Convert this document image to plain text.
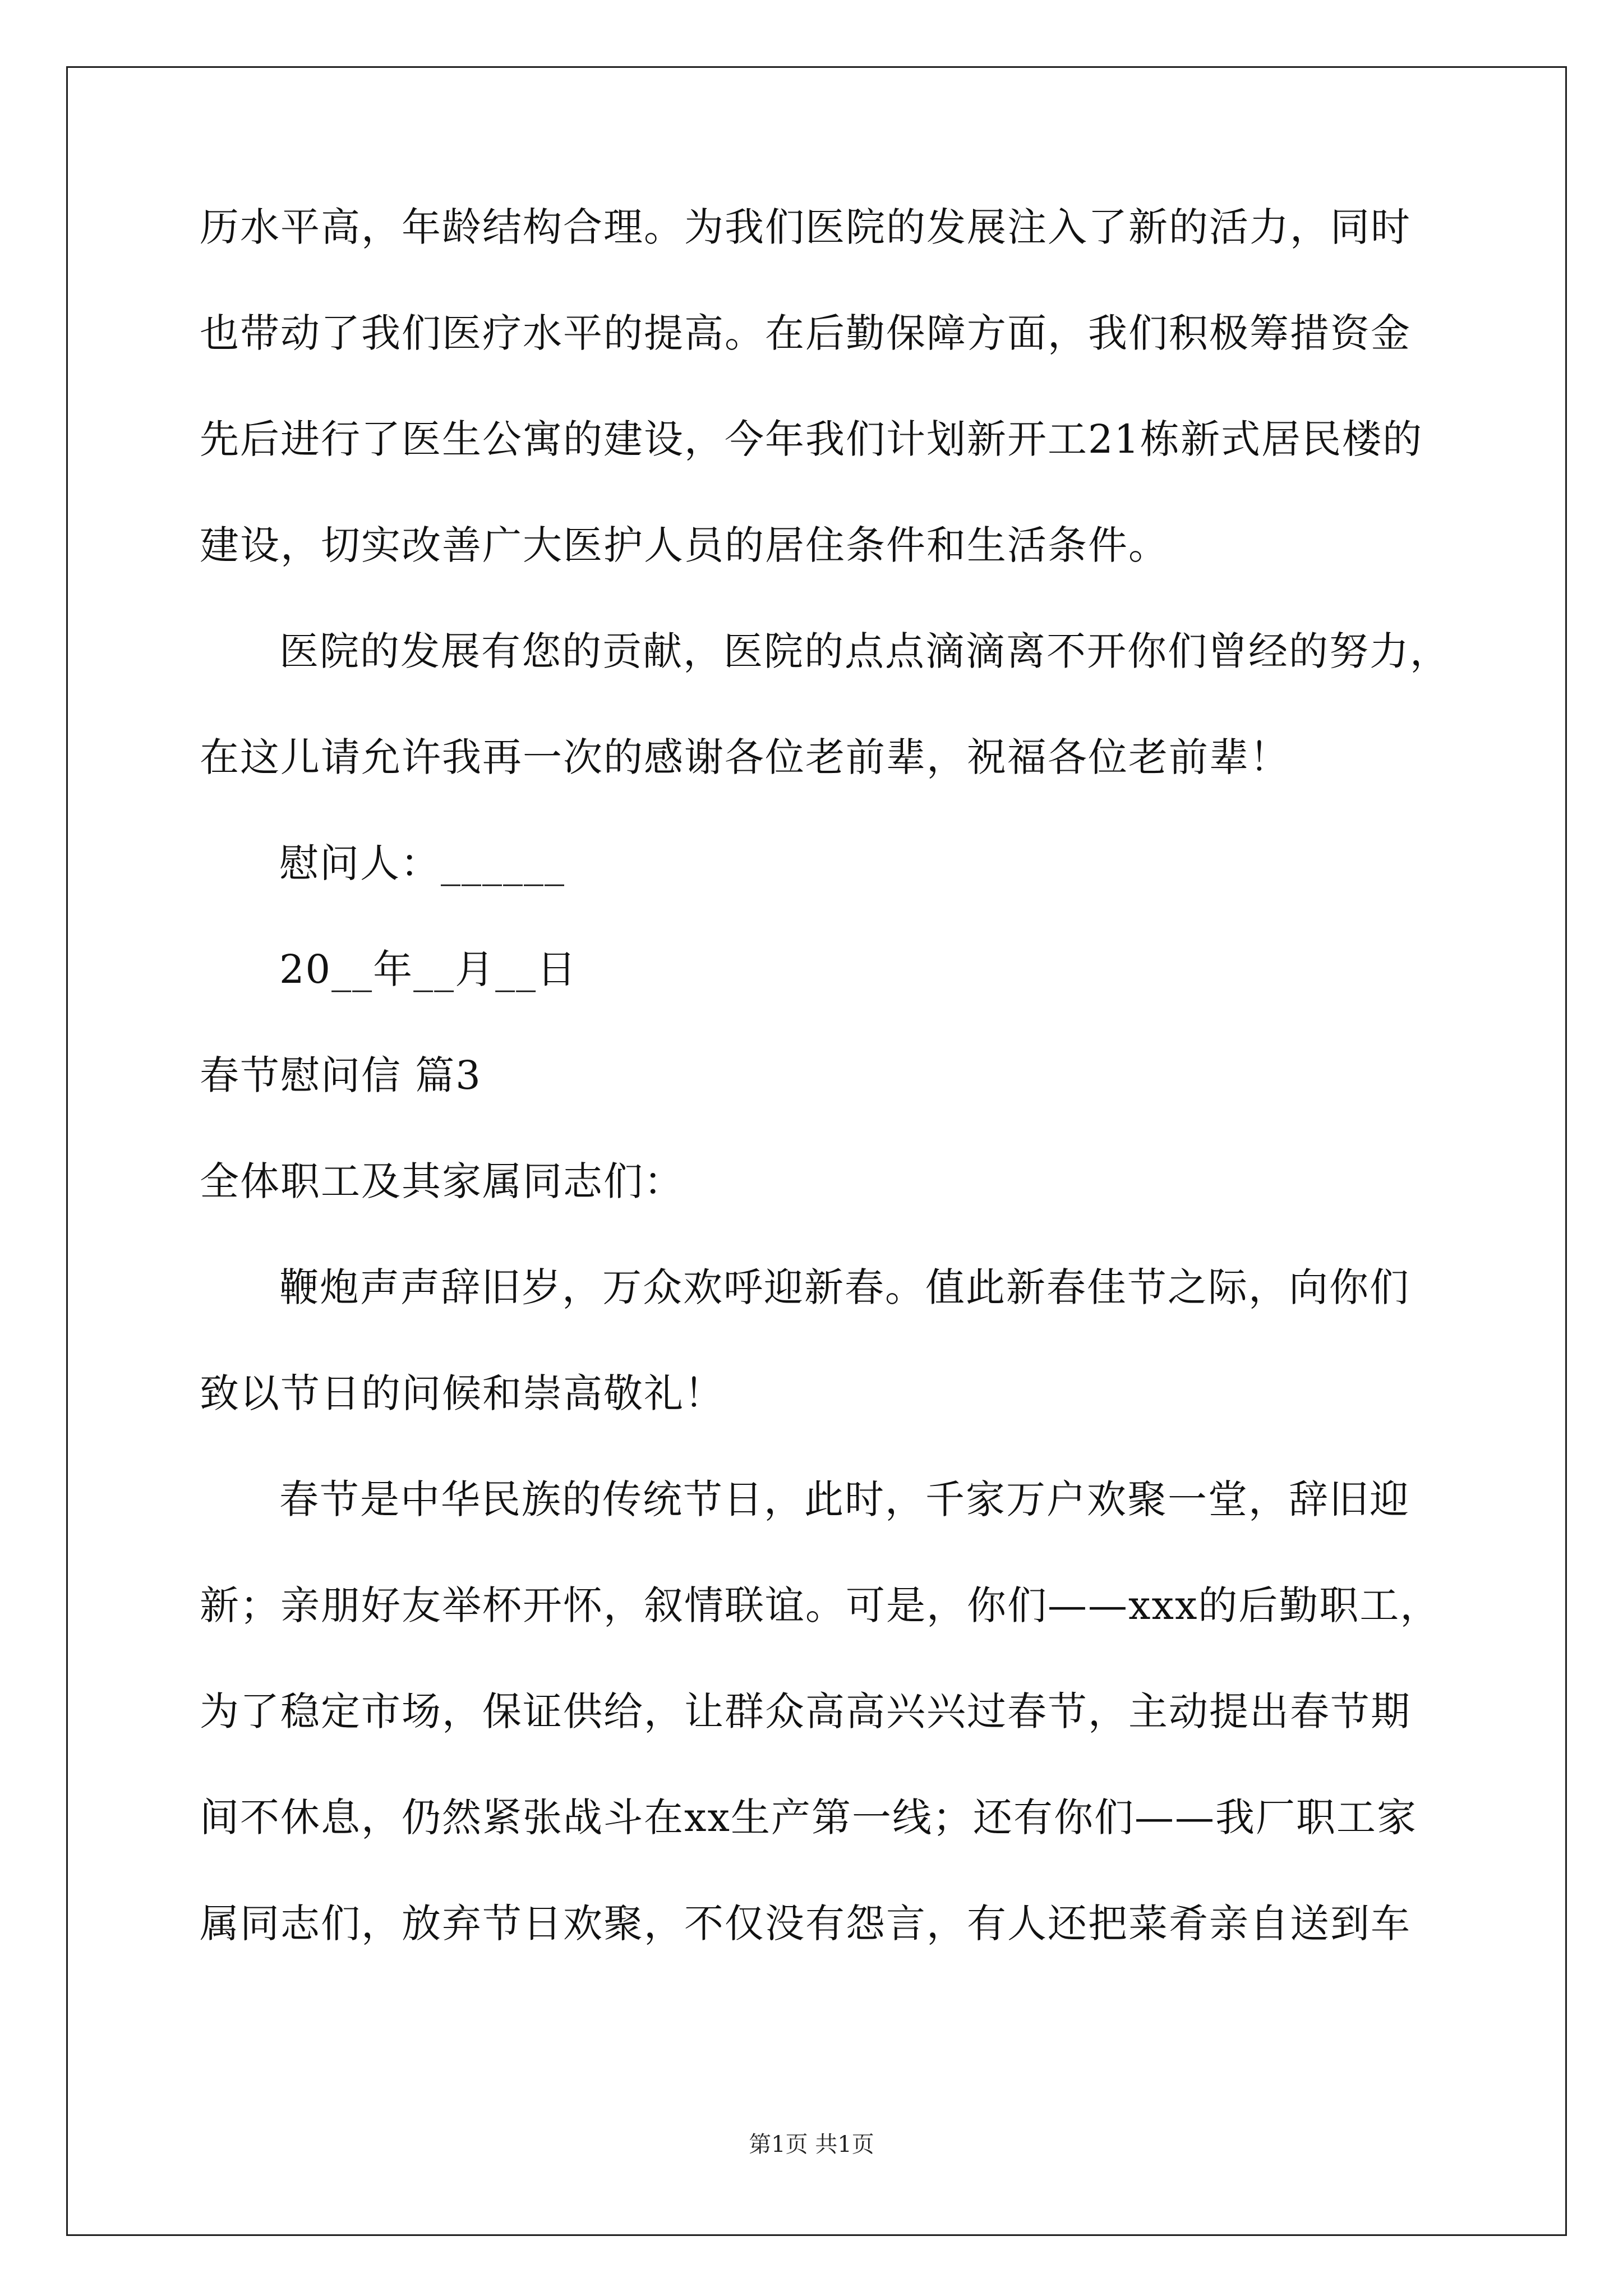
历水平高，年龄结构合理。为我们医院的发展注入了新的活力，同时
也带动了我们医疗水平的提高。在后勤保障方面，我们积极筹措资金
先后进行了医生公寓的建设，今年我们计划新开工21栋新式居民楼的
建设，切实改善广大医护人员的居住条件和生活条件。
医院的发展有您的贡献，医院的点点滴滴离不开你们曾经的努力，
在这儿请允许我再一次的感谢各位老前辈，祝福各位老前辈！
慰问人：______
20__年__月__日
春节慰问信 篇3
全体职工及其家属同志们：
鞭炮声声辞旧岁，万众欢呼迎新春。值此新春佳节之际，向你们
致以节日的问候和崇高敬礼！
春节是中华民族的传统节日，此时，千家万户欢聚一堂，辞旧迎
新；亲朋好友举杯开怀，叙情联谊。可是，你们——xxx的后勤职工，
为了稳定市场，保证供给，让群众高高兴兴过春节，主动提出春节期
间不休息，仍然紧张战斗在xx生产第一线；还有你们——我厂职工家
属同志们，放弃节日欢聚，不仅没有怨言，有人还把菜肴亲自送到车
第1页 共1页
